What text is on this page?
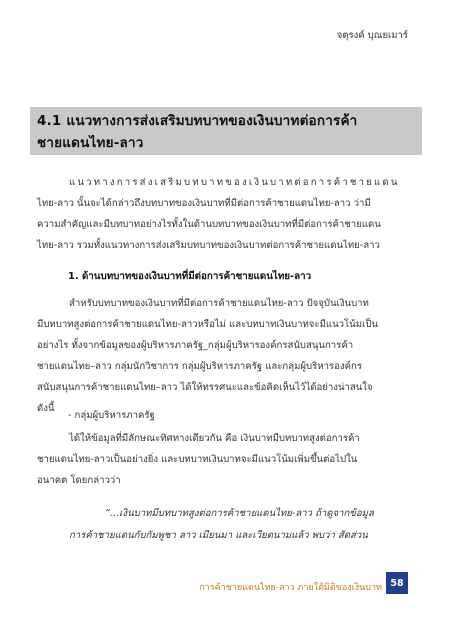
จตุรงค์ บุณยเมาร์
4.1 แนวทางการส่งเสริมบทบาทของเงินบาทต่อการค้า
ชายแดนไทย-ลาว
แนวทางการส่งเสริมบทบาทของเงินบาทต่อการค้าชายแดน
ไทย-ลาว นั้นจะได้กล่าวถึงบทบาทของเงินบาทที่มีต่อการค้าชายแดนไทย-ลาว ว่ามี
ความสำคัญและมีบทบาทอย่างไรทั้งในด้านบทบาทของเงินบาทที่มีต่อการค้าชายแดน
ไทย-ลาว รวมทั้งแนวทางการส่งเสริมบทบาทของเงินบาทต่อการค้าชายแดนไทย-ลาว
1. ด้านบทบาทของเงินบาทที่มีต่อการค้าชายแดนไทย-ลาว
สำหรับบทบาทของเงินบาทที่มีต่อการค้าชายแดนไทย-ลาว ปัจจุบันเงินบาท
มีบทบาทสูงต่อการค้าชายแดนไทย-ลาวหรือไม่ และบทบาทเงินบาทจะมีแนวโน้มเป็น
อย่างไร ทั้งจากข้อมูลของผู้บริหารภาครัฐ_กลุ่มผู้บริหารองค์กรสนับสนุนการค้า
ชายแดนไทย–ลาว กลุ่มนักวิชาการ กลุ่มผู้บริหารภาครัฐ และกลุ่มผู้บริหารองค์กร
สนับสนุนการค้าชายแดนไทย–ลาว ได้ให้ทรรศนะและข้อคิดเห็นไว้ได้อย่างน่าสนใจ
ดังนี้
- กลุ่มผู้บริหารภาครัฐ
ได้ให้ข้อมูลที่มีลักษณะทิศทางเดียวกัน คือ เงินบาทมีบทบาทสูงต่อการค้า
ชายแดนไทย-ลาวเป็นอย่างยิ่ง และบทบาทเงินบาทจะมีแนวโน้มเพิ่มขึ้นต่อไปใน
อนาคต โดยกล่าวว่า
“...เงินบาทมีบทบาทสูงต่อการค้าชายแดนไทย-ลาว ถ้าดูจากข้อมูล
การค้าชายแดนกับกัมพูชา ลาว เมียนมา และเวียดนามแล้ว พบว่า สัดส่วน
การค้าชายแดนไทย-ลาว ภายใต้มิติของเงินบาท 58
